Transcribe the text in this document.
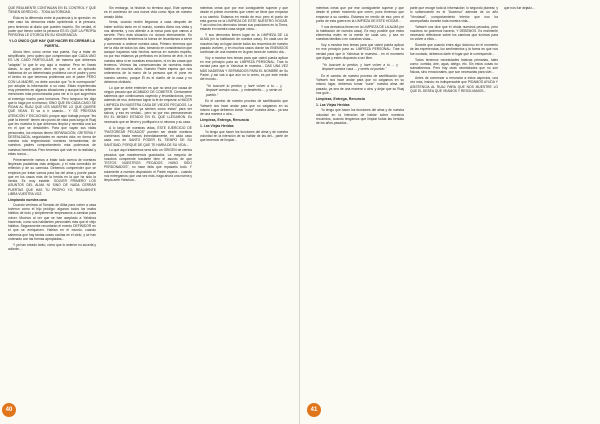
QUE REALMENTE CONTINÚAN EN EL CONTROL Y QUE TIENEN DERECHO... TODA AUTORIDAD.

Ésta es la diferencia entre la paciencia y la opresión: en este caso los demonios están oprimiendo a la persona, pero teniendo al diario que pueden hacerlo. Sin verdad, el poder que tienen sobre la persona ES EL QUE LA PROPIA PERSONA LE OTORGA EN SU IGNORANCIA.

Y LO ÚNICO QUE HAY QUE HACER ES CERRAR LA PUERTA.

Ahora bien, cómo cerrar esa puerta. Voy a tratar de simplificarlo, pero quiero que comprendan que CADA UNO ES UN CASO PARTICULAR, de manera que debemos "adaptar" lo que le voy aquí a mostrar. Pero en líneas claras, lo que quiero decir es que, si en un episodio hablamos de un determinado problema con el padre y pero el hecho es que tenemos problemas con el padre PERO CON LA MADRE, no debe concluir que "lo le corresponde" por adoptar la información a su caso. Estas experiencias muy presentes en algunas situaciones y aunque las refieran menciones más pronunciadas para ver sí lo que sugerimos al enemigo mucho para tomarnos. Pero tampoco les digo que lo haga por sí mismos; SINO QUE EN CADA CASO SE PIDAN AL RUAJ QUE LES MUESTRE LO QUE QUIERE QUE VEAN. El va a ir usando... Y SE PRESTAN ATENCIÓN Y ESCUCHAN, porque aquí trabaja porque "les pide la intente" tienen otro punto de vista para luego el Ruaj que les muestra lo que debemos limpiar y necesita una luz en el que se desdoblen. Para que vayan sus vidas personales, los mismos tienen SEPARACIÓN, GRITERIA Y DESFALDADA, seguridades en nuestra vida; en forma de nuestra ruta engendrando nuestras herramientas; de nuestros padres comportamiento más poderosos de nuestros herederos. Pero tenemos que vivir en la realidad y estas nunca...

Primeramente vamos a tratar todo acerca de nuestras limpiezas paulatinas más antiguas, y el más comedido de reflexión y de su carencia. Debemos comprender que se empieza por tratar vamos para las del alma y puede pasar que en los casos más de la herida en la que ha sido la herida. Es muy estable. SOLVER PRIMERO LOS ASUNTOS DEL ALMA NI SINO DE NADA CERRAR PUERTAS QUE HAS TU PROPIO YO, REALMENTE LIBRA VUESTRA VOZ.

Limpiando nuestra casa

Cuando venimos al Tomado de Aliba para volver a casa tuvieron como el hijo pródigo: algunos todos los malos hábitos de todo y simplemente empezamos a caminar para volver. Muchos al ver que se han aceptado a Yahshua haciendo, como sus habitantes personales más que el viejo hábitos. Seguramente recordarán el evento DEFINIDOR en el que se enriquecen. Hablan en el mundo, cuando sabemos que hay tantas cosas ocultas en el cielo, y se han ordenado con las formas apropiadas...

Y ya han creado tanto, cómo que lo anterior no suceda y adónde...

Sin embargo, la historia no termina aquí. Este apenas es el comienzo de una nueva vida como hijos de nuestro amado Abba.

Verás, cuando recién llegamos a casa después de haber sufrido tanto en el mundo, nuestro Abba nos visita y nos alimenta, y nos atiende a la mesa para que vamos a servirle. Pero esta situación no durará eternamente. En algún momento tendremos la fuerza de levantarnos a servir y comenzar a ordenar nuestra casa. Primero tenemos que ver la vida de todos los días, tomando en consideración que aunque hayamos sido hechos nuevos en nuestro espíritu, no por eso estamos ya perfectos en la forma de vivir, ni en nuestra alma ni en nuestras emociones, ni en las cosas que tenemos. Vivimos las consecuencias de nuestros malos hábitos de muchos años. Nuestro Padre espera que nos ordenemos de la mano de la persona que él pone en nuestro camino, porque Él es el dueño de la casa y no debemos olvidarlo.

Lo que se debe entender es que no será por causa de ningún pecado que ACABADO DE COMETER. Ciertamente sabemos que continuamos cayendo y levantándonos, pero además de eso, debemos lograr la fe de empezar a HACER LIMPIEZA EN NUESTRA CASA DE VIEJOS PECADOS. La gente dice que "ellos ya sienten como están" para ser salvos, y eso es verdad... pero no por eso permanecerán EN EL MISMO ESTADO EN EL QUE LLEGARON. Es necesario que se lleven y purifiquen a sí mismos y su casa.

A lo largo de nuestras vidas, ÉSTE EJERCICIO DE "PASTOREAR PECADOS" pueden ser desde nuestros comienzos hasta menos inmediatamente, en cada caso cada uno de SANTO PODER EL TIEMPO DE SU SANTIDAD, PORQUE DE QUE TE HARÍA DE SU VIDA...

Lo que aquí trataremos será sólo un ORIGEN de ciertos pecados que mantenemos guardados. La mayoría de nosotros comprende bastante bien el asunto de que "ESTOS NUESTROS PECADOS HUBO SIDO PERDONADOS", no hace falta que repasarlo todo. Y solamente a nuestra disposición el Padre espera... cuando nos entregamos; que una vez más, haga ahora una nueva y limpia ante Yahshua...

mientras creas que por ese consiguiente superar y que desde el primer momento que creen se tiene que empezar a su cambio. Estamos en medio de eso; pero el punto de esta guerra es la LIMPIEZA DE ESTE NUESTRO HOGAR. Y así cómo los demonios toman sus posiciones en la Tierra, estarán en nuestra casa según cómo...

Y sus demonios tienen lugar en la LIMPIEZA DE LA ALMA (en la habitación de nuestra casa). En cada uno de nosotros hay un lugar donde todos los recuerdos de nuestro pasado vuelven, y en muchos casos donde los ENEMIGOS continúan de una manera en la gran tarea de nuestro día...

Voy a mostrar tres temas para que usted pueda aplicar en ese principio para su LIMPIEZA PERSONAL: Trae tu verdad para que lo Yahshua te muestra... DAS UNA VEZ MÁS NADERAN Y SEPARADOS PARA EL NOMBRE de Su Padre, y así vas a que aún no lo crees, es por este medio del mundo...

"Yo buscaré tu perdón, y haré volver a tu ... y limpiaré vuestra casa... y entenderéis ... y serán mi pueblo."

En el camino de nuestro proceso de santificación que Yahweh nos hace andar para que no caigamos en su mismo Lugar debemos tomar "curar" nuestra alma... ya sea de una manera u otra...

Limpieza, Entrega, Renuncia
1. Las Viejas Heridas

Yo tengo que hacer los funciones del alma y de nuestra voluntad en la intención de su hablar de las del... parte de que tenemos de limpiar...

40

mientras creas que por ese consiguiente superar y que desde el primer momento que creen, pues tenemos que empezar a su cambio. Estamos en medio de eso; pero el punto de esta guerra es la LIMPIEZA DE ESTE HOGAR...

Y sus demonios tienen en la LIMPIEZA DE LA ALMA (en la habitación de nuestra casa). Es muy posible que estos elementos estén en la mente de cada uno, y sea en nuestras familias o en nuestras vidas...

Voy a mostrar tres temas para que usted pueda aplicar en ese principio para su LIMPIEZA PERSONAL: Trae tu verdad para que lo Yahshua te muestra... en el momento que digas y estés dispuesto a ser libre.

"Yo buscaré tu perdón, y haré volver a tu ... y limpiaré vuestra casa ... y seréis mi pueblo."

En el camino de nuestro proceso de santificación que Yahweh nos hace andar para que no caigamos en su mismo lugar, debemos tomar "curar" nuestra alma del pasado, ya sea de una manera u otra, y dejar que su Ruaj nos guíe...

Limpieza, Entrega, Renuncia
1. Las Viejas Heridas

Yo tengo que hacer los funciones del alma y de nuestra voluntad en la intención de hablar sobre nuestros recuerdos, cuando tengamos que limpiar todas las heridas de los años pasados...

parte que recoge toda la información: lo segundo planear, y lo subsecuente es el "Ascenso" además de un año "Vendaval", comportamiento interior que nos ha acompañado durante toda nuestra vida...

Yahweh nos dice que él olvida nuestros pecados, pero nosotros no podemos hacerlo, Y DEBEMOS. Es realmente necesario reflexionar sobre los caminos que tuvimos para no volver a ellos...

Sucede que cuando entra algo doloroso en el momento de las experiencias, los sentimientos y la forma en que nos fue contado, debemos darle el lugar que le corresponde...

Todos tenemos necesidades básicas primarias, tales como: comida, aire, agua, abrigo, etc. Sin estos cosas no subsistiremos. Pero hay otras necesidades que no son físicas, sino emocionales, que son necesarias para vivir...

Antes de comenzar a renunciar a estos aspectos, una vez más, insisto: es indispensable que PIDAMOS AYUDA Y ASISTENCIA AL RUAJ PARA QUE NOS MUESTRE LO QUE EL DESEA QUE VEAMOS Y RESOLVAMOS...

que nos fue dejado...

41
